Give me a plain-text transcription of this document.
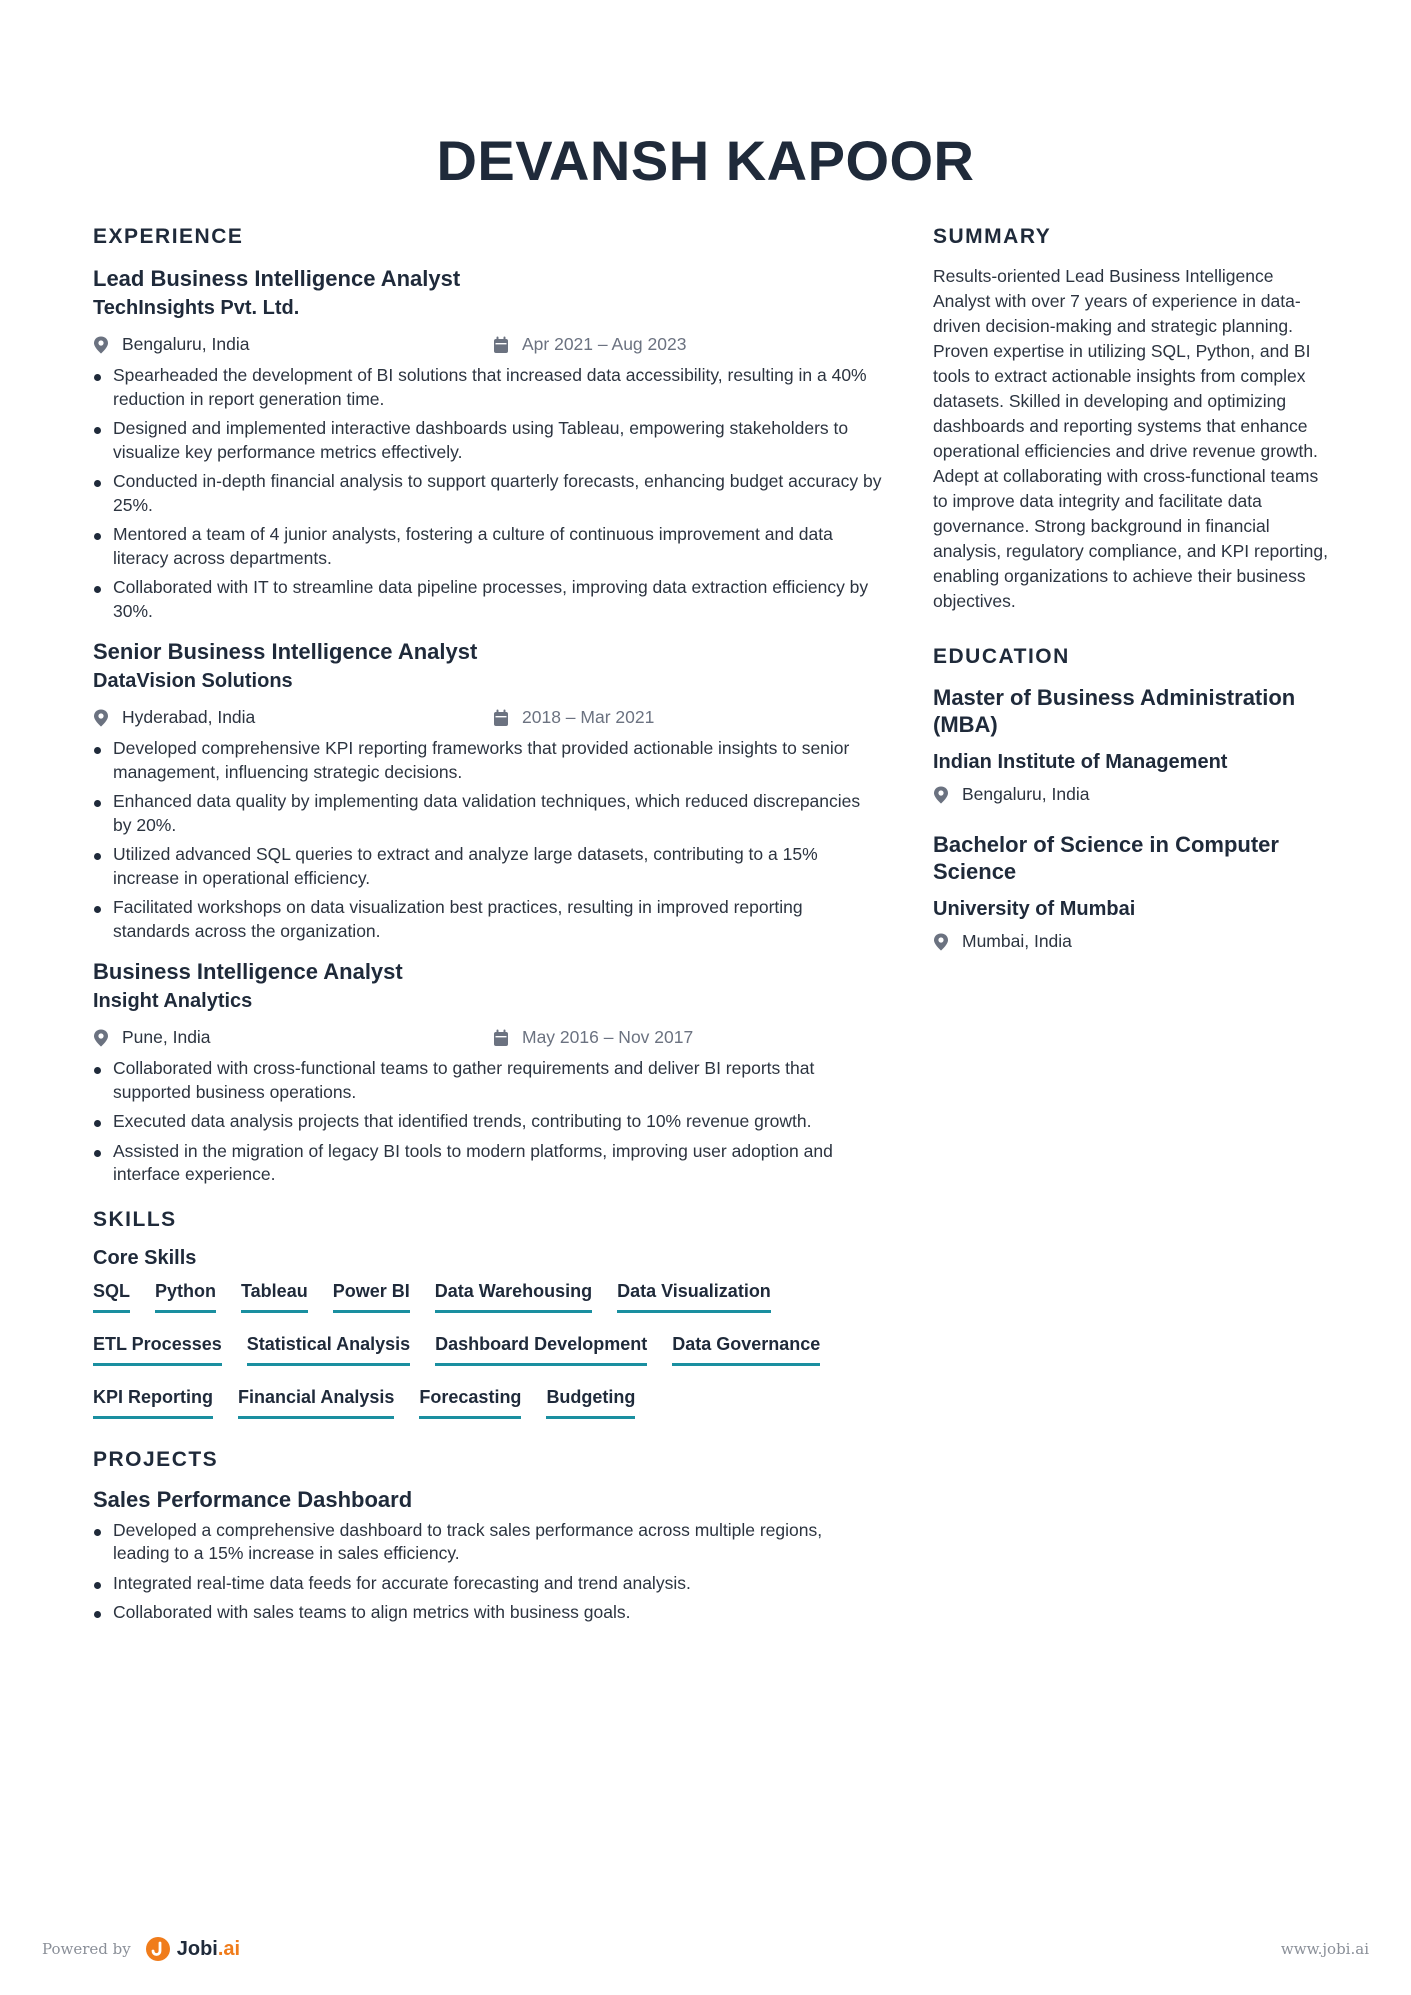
DEVANSH KAPOOR
EXPERIENCE
Lead Business Intelligence Analyst
TechInsights Pvt. Ltd.
Bengaluru, India	Apr 2021 – Aug 2023
Spearheaded the development of BI solutions that increased data accessibility, resulting in a 40% reduction in report generation time.
Designed and implemented interactive dashboards using Tableau, empowering stakeholders to visualize key performance metrics effectively.
Conducted in-depth financial analysis to support quarterly forecasts, enhancing budget accuracy by 25%.
Mentored a team of 4 junior analysts, fostering a culture of continuous improvement and data literacy across departments.
Collaborated with IT to streamline data pipeline processes, improving data extraction efficiency by 30%.
Senior Business Intelligence Analyst
DataVision Solutions
Hyderabad, India	2018 – Mar 2021
Developed comprehensive KPI reporting frameworks that provided actionable insights to senior management, influencing strategic decisions.
Enhanced data quality by implementing data validation techniques, which reduced discrepancies by 20%.
Utilized advanced SQL queries to extract and analyze large datasets, contributing to a 15% increase in operational efficiency.
Facilitated workshops on data visualization best practices, resulting in improved reporting standards across the organization.
Business Intelligence Analyst
Insight Analytics
Pune, India	May 2016 – Nov 2017
Collaborated with cross-functional teams to gather requirements and deliver BI reports that supported business operations.
Executed data analysis projects that identified trends, contributing to 10% revenue growth.
Assisted in the migration of legacy BI tools to modern platforms, improving user adoption and interface experience.
SKILLS
Core Skills
SQL Python Tableau Power BI Data Warehousing Data Visualization
ETL Processes Statistical Analysis Dashboard Development Data Governance
KPI Reporting Financial Analysis Forecasting Budgeting
PROJECTS
Sales Performance Dashboard
Developed a comprehensive dashboard to track sales performance across multiple regions, leading to a 15% increase in sales efficiency.
Integrated real-time data feeds for accurate forecasting and trend analysis.
Collaborated with sales teams to align metrics with business goals.
SUMMARY

Results-oriented Lead Business Intelligence Analyst with over 7 years of experience in data-driven decision-making and strategic planning. Proven expertise in utilizing SQL, Python, and BI tools to extract actionable insights from complex datasets. Skilled in developing and optimizing dashboards and reporting systems that enhance operational efficiencies and drive revenue growth. Adept at collaborating with cross-functional teams to improve data integrity and facilitate data governance. Strong background in financial analysis, regulatory compliance, and KPI reporting, enabling organizations to achieve their business objectives.

EDUCATION
Master of Business Administration (MBA)
Indian Institute of Management
Bengaluru, India
Bachelor of Science in Computer Science
University of Mumbai
Mumbai, India
Powered by Jobi.ai	www.jobi.ai
